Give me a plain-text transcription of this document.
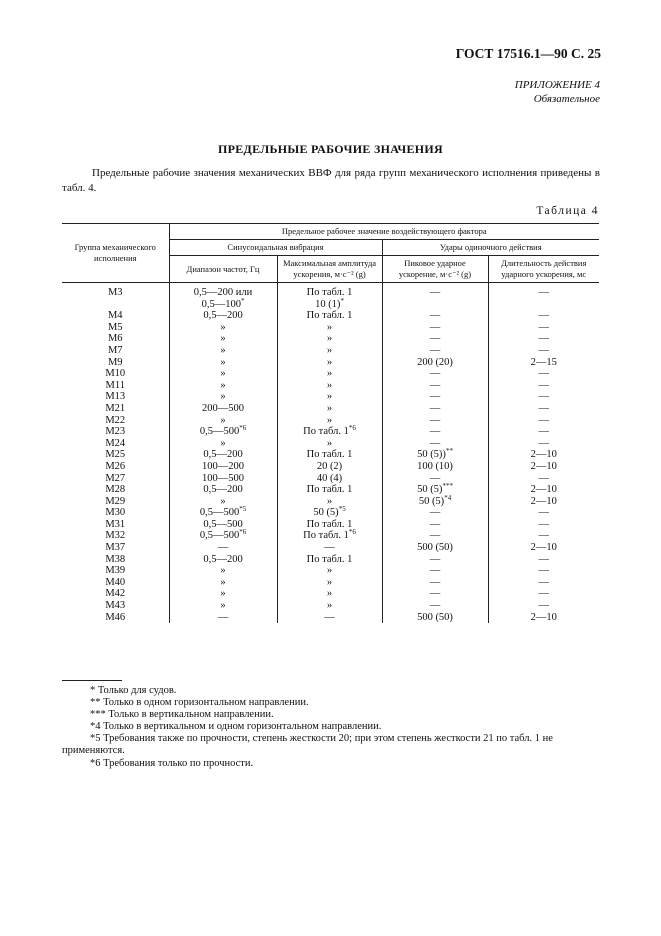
ГОСТ 17516.1—90 С. 25
ПРИЛОЖЕНИЕ 4
Обязательное
ПРЕДЕЛЬНЫЕ РАБОЧИЕ ЗНАЧЕНИЯ
Предельные рабочие значения механических ВВФ для ряда групп механического исполнения приведены в табл. 4.
Таблица 4
Группа механического исполнения	Предельное рабочее значение воздействующего фактора			
	Синусоидальная вибрация		Удары одиночного действия	
	Диапазон частот, Гц	Максимальная амплитуда ускорения, м·с⁻² (g)	Пиковое ударное ускорение, м·с⁻² (g)	Длительность действия ударного ускорения, мс
М3	0,5—200 или	По табл. 1	—	—
	0,5—100*	10 (1)*		
М4	0,5—200	По табл. 1	—	—
М5	»	»	—	—
М6	»	»	—	—
М7	»	»	—	—
М9	»	»	200 (20)	2—15
М10	»	»	—	—
М11	»	»	—	—
М13	»	»	—	—
М21	200—500	»	—	—
М22	»	»	—	—
М23	0,5—500$^{*6}$	По табл. 1$^{*6}$	—	—
М24	»	»	—	—
М25	0,5—200	По табл. 1	50 (5))**	2—10
М26	100—200	20 (2)	100 (10)	2—10
М27	100—500	40 (4)	—	—
М28	0,5—200	По табл. 1	50 (5)***	2—10
М29	»	»	50 $(5)^{*4}$	2—10
М30	0,5—500$^{*5}$	50 $(5)^{*5}$	—	—
М31	0,5—500	По табл. 1	—	—
М32	0,5—500$^{*6}$	По табл. 1$^{*6}$	—	—
М37	—	—	500 (50)	2—10
М38	0,5—200	По табл. 1	—	—
М39	»	»	—	—
М40	»	»	—	—
М42	»	»	—	—
М43	»	»	—	—
М46	—	—	500 (50)	2—10

* Только для судов.

** Только в одном горизонтальном направлении.

*** Только в вертикальном направлении.

*4 Только в вертикальном и одном горизонтальном направлении.

*5 Требования также по прочности, степень жесткости 20; при этом степень жесткости 21 по табл. 1 не применяются.

*6 Требования только по прочности.
